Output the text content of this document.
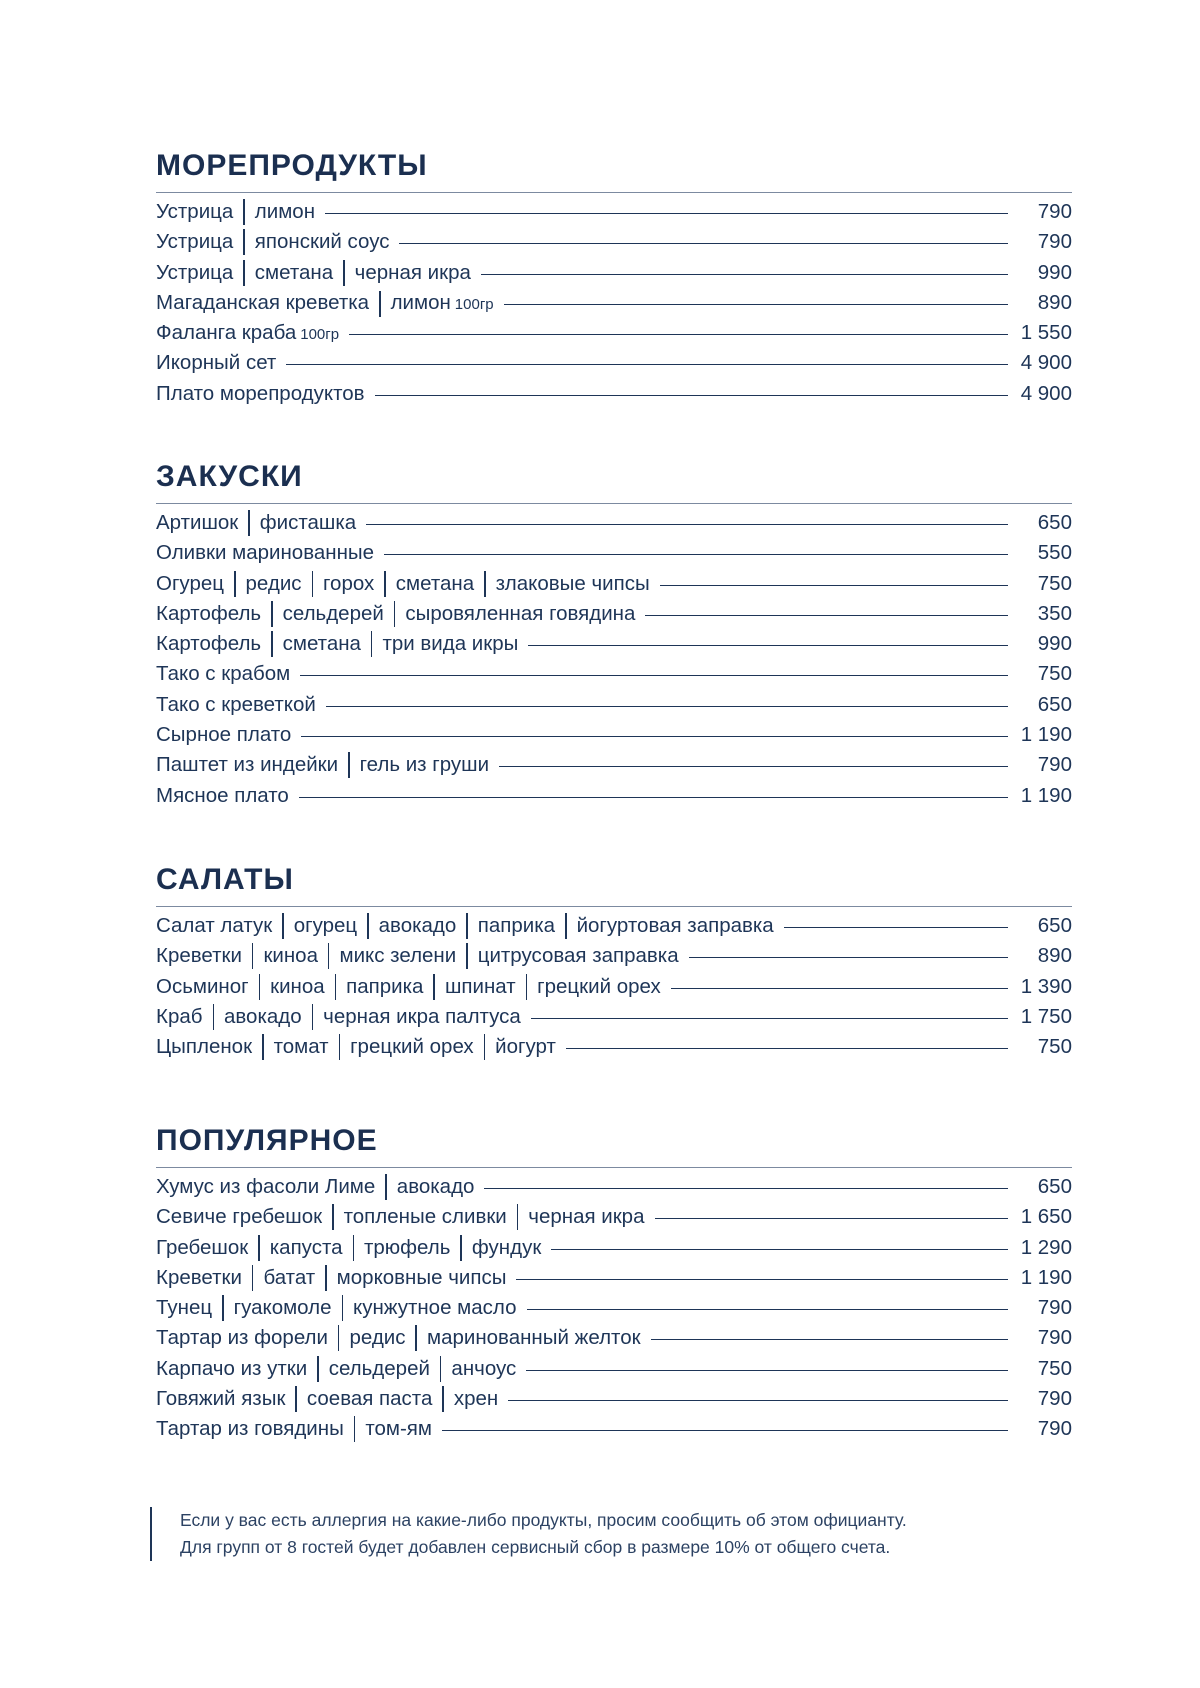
МОРЕПРОДУКТЫ
Устрица лимон	790
Устрица японский соус	790
Устрица сметана черная икра	990
Магаданская креветка лимон 100гр	890
Фаланга краба 100гр	1 550
Икорный сет	4 900
Плато морепродуктов	4 900
ЗАКУСКИ
Артишок фисташка	650
Оливки маринованные	550
Огурец редис горох сметана злаковые чипсы	750
Картофель сельдерей сыровяленная говядина	350
Картофель сметана три вида икры	990
Тако с крабом	750
Тако с креветкой	650
Сырное плато	1 190
Паштет из индейки гель из груши	790
Мясное плато	1 190
САЛАТЫ
Салат латук огурец авокадо паприка йогуртовая заправка	650
Креветки киноа микс зелени цитрусовая заправка	890
Осьминог киноа паприка шпинат грецкий орех	1 390
Краб авокадо черная икра палтуса	1 750
Цыпленок томат грецкий орех йогурт	750
ПОПУЛЯРНОЕ
Хумус из фасоли Лиме авокадо	650
Севиче гребешок топленые сливки черная икра	1 650
Гребешок капуста трюфель фундук	1 290
Креветки батат морковные чипсы	1 190
Тунец гуакомоле кунжутное масло	790
Тартар из форели редис маринованный желток	790
Карпачо из утки сельдерей анчоус	750
Говяжий язык соевая паста хрен	790
Тартар из говядины том-ям	790

Если у вас есть аллергия на какие-либо продукты, просим сообщить об этом официанту.

Для групп от 8 гостей будет добавлен сервисный сбор в размере 10% от общего счета.
